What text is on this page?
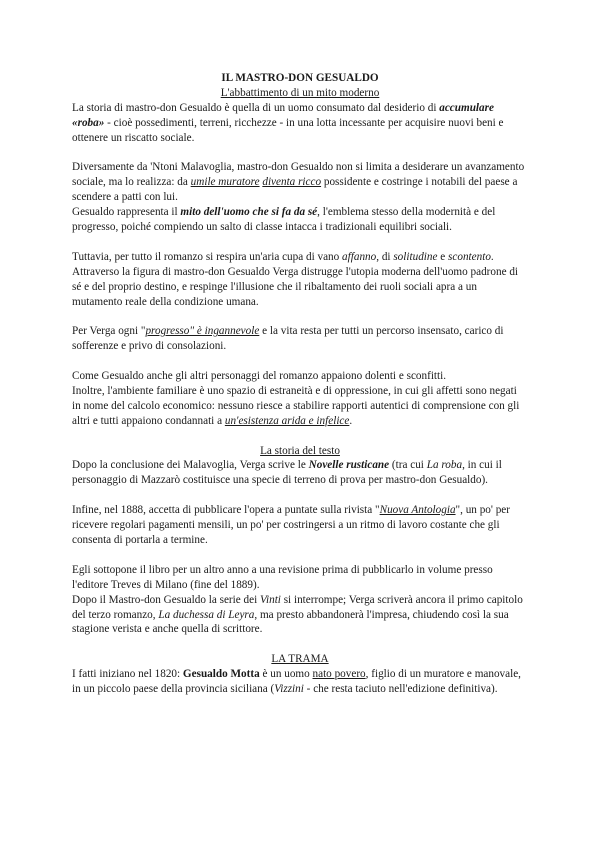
IL MASTRO-DON GESUALDO

L'abbattimento di un mito moderno

La storia di mastro-don Gesualdo è quella di un uomo consumato dal desiderio di accumulare «roba» - cioè possedimenti, terreni, ricchezze - in una lotta incessante per acquisire nuovi beni e ottenere un riscatto sociale.

Diversamente da 'Ntoni Malavoglia, mastro-don Gesualdo non si limita a desiderare un avanzamento sociale, ma lo realizza: da umile muratore diventa ricco possidente e costringe i notabili del paese a scendere a patti con lui.

Gesualdo rappresenta il mito dell'uomo che si fa da sé, l'emblema stesso della modernità e del progresso, poiché compiendo un salto di classe intacca i tradizionali equilibri sociali.

Tuttavia, per tutto il romanzo si respira un'aria cupa di vano affanno, di solitudine e scontento. Attraverso la figura di mastro-don Gesualdo Verga distrugge l'utopia moderna dell'uomo padrone di sé e del proprio destino, e respinge l'illusione che il ribaltamento dei ruoli sociali apra a un mutamento reale della condizione umana.

Per Verga ogni "progresso" è ingannevole e la vita resta per tutti un percorso insensato, carico di sofferenze e privo di consolazioni.

Come Gesualdo anche gli altri personaggi del romanzo appaiono dolenti e sconfitti.

Inoltre, l'ambiente familiare è uno spazio di estraneità e di oppressione, in cui gli affetti sono negati in nome del calcolo economico: nessuno riesce a stabilire rapporti autentici di comprensione con gli altri e tutti appaiono condannati a un'esistenza arida e infelice.

La storia del testo

Dopo la conclusione dei Malavoglia, Verga scrive le Novelle rusticane (tra cui La roba, in cui il personaggio di Mazzarò costituisce una specie di terreno di prova per mastro-don Gesualdo).

Infine, nel 1888, accetta di pubblicare l'opera a puntate sulla rivista "Nuova Antologia", un po' per ricevere regolari pagamenti mensili, un po' per costringersi a un ritmo di lavoro costante che gli consenta di portarla a termine.

Egli sottopone il libro per un altro anno a una revisione prima di pubblicarlo in volume presso l'editore Treves di Milano (fine del 1889).

Dopo il Mastro-don Gesualdo la serie dei Vinti si interrompe; Verga scriverà ancora il primo capitolo del terzo romanzo, La duchessa di Leyra, ma presto abbandonerà l'impresa, chiudendo così la sua stagione verista e anche quella di scrittore.

LA TRAMA

I fatti iniziano nel 1820: Gesualdo Motta è un uomo nato povero, figlio di un muratore e manovale, in un piccolo paese della provincia siciliana (Vizzini - che resta taciuto nell'edizione definitiva).
